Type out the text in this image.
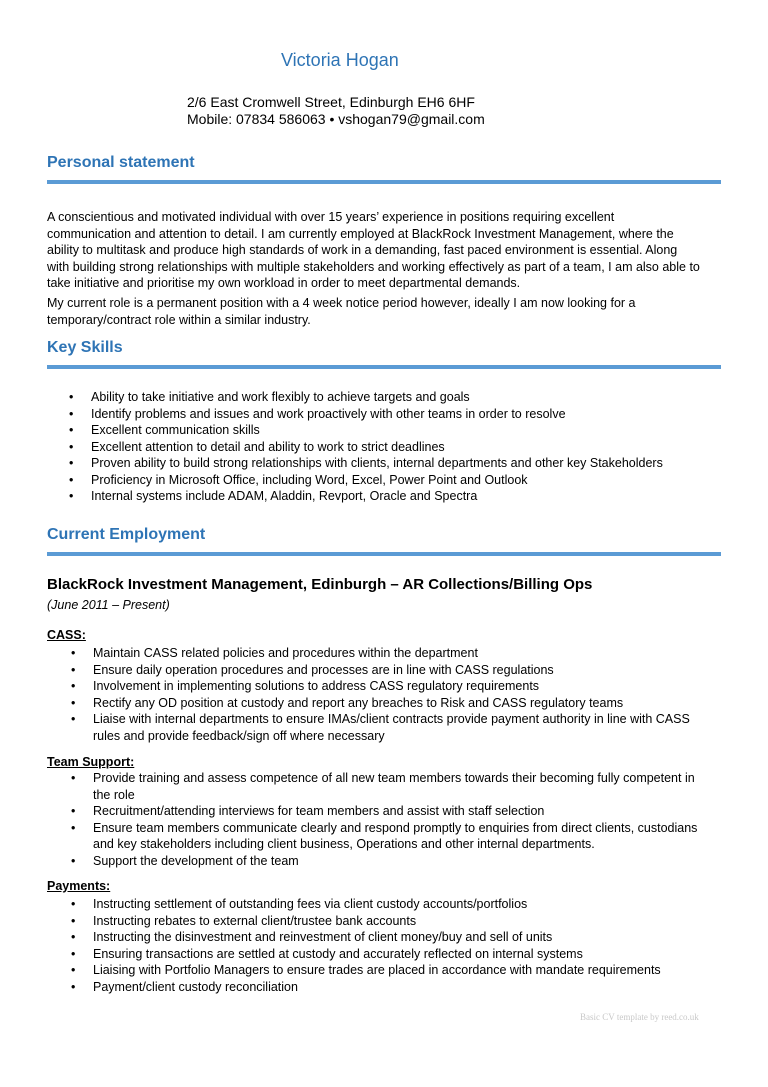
Victoria Hogan
2/6 East Cromwell Street, Edinburgh EH6 6HF
Mobile: 07834 586063 • vshogan79@gmail.com
Personal statement
A conscientious and motivated individual with over 15 years’ experience in positions requiring excellent
communication and attention to detail. I am currently employed at BlackRock Investment Management, where the
ability to multitask and produce high standards of work in a demanding, fast paced environment is essential. Along
with building strong relationships with multiple stakeholders and working effectively as part of a team, I am also able to
take initiative and prioritise my own workload in order to meet departmental demands.
My current role is a permanent position with a 4 week notice period however, ideally I am now looking for a
temporary/contract role within a similar industry.
Key Skills
• Ability to take initiative and work flexibly to achieve targets and goals
• Identify problems and issues and work proactively with other teams in order to resolve
• Excellent communication skills
• Excellent attention to detail and ability to work to strict deadlines
• Proven ability to build strong relationships with clients, internal departments and other key Stakeholders
• Proficiency in Microsoft Office, including Word, Excel, Power Point and Outlook
• Internal systems include ADAM, Aladdin, Revport, Oracle and Spectra
Current Employment
BlackRock Investment Management, Edinburgh – AR Collections/Billing Ops
(June 2011 – Present)
CASS:
• Maintain CASS related policies and procedures within the department
• Ensure daily operation procedures and processes are in line with CASS regulations
• Involvement in implementing solutions to address CASS regulatory requirements
• Rectify any OD position at custody and report any breaches to Risk and CASS regulatory teams
• Liaise with internal departments to ensure IMAs/client contracts provide payment authority in line with CASS
rules and provide feedback/sign off where necessary
Team Support:
• Provide training and assess competence of all new team members towards their becoming fully competent in
the role
• Recruitment/attending interviews for team members and assist with staff selection
• Ensure team members communicate clearly and respond promptly to enquiries from direct clients, custodians
and key stakeholders including client business, Operations and other internal departments.
• Support the development of the team
Payments:
• Instructing settlement of outstanding fees via client custody accounts/portfolios
• Instructing rebates to external client/trustee bank accounts
• Instructing the disinvestment and reinvestment of client money/buy and sell of units
• Ensuring transactions are settled at custody and accurately reflected on internal systems
• Liaising with Portfolio Managers to ensure trades are placed in accordance with mandate requirements
• Payment/client custody reconciliation
Basic CV template by reed.co.uk
